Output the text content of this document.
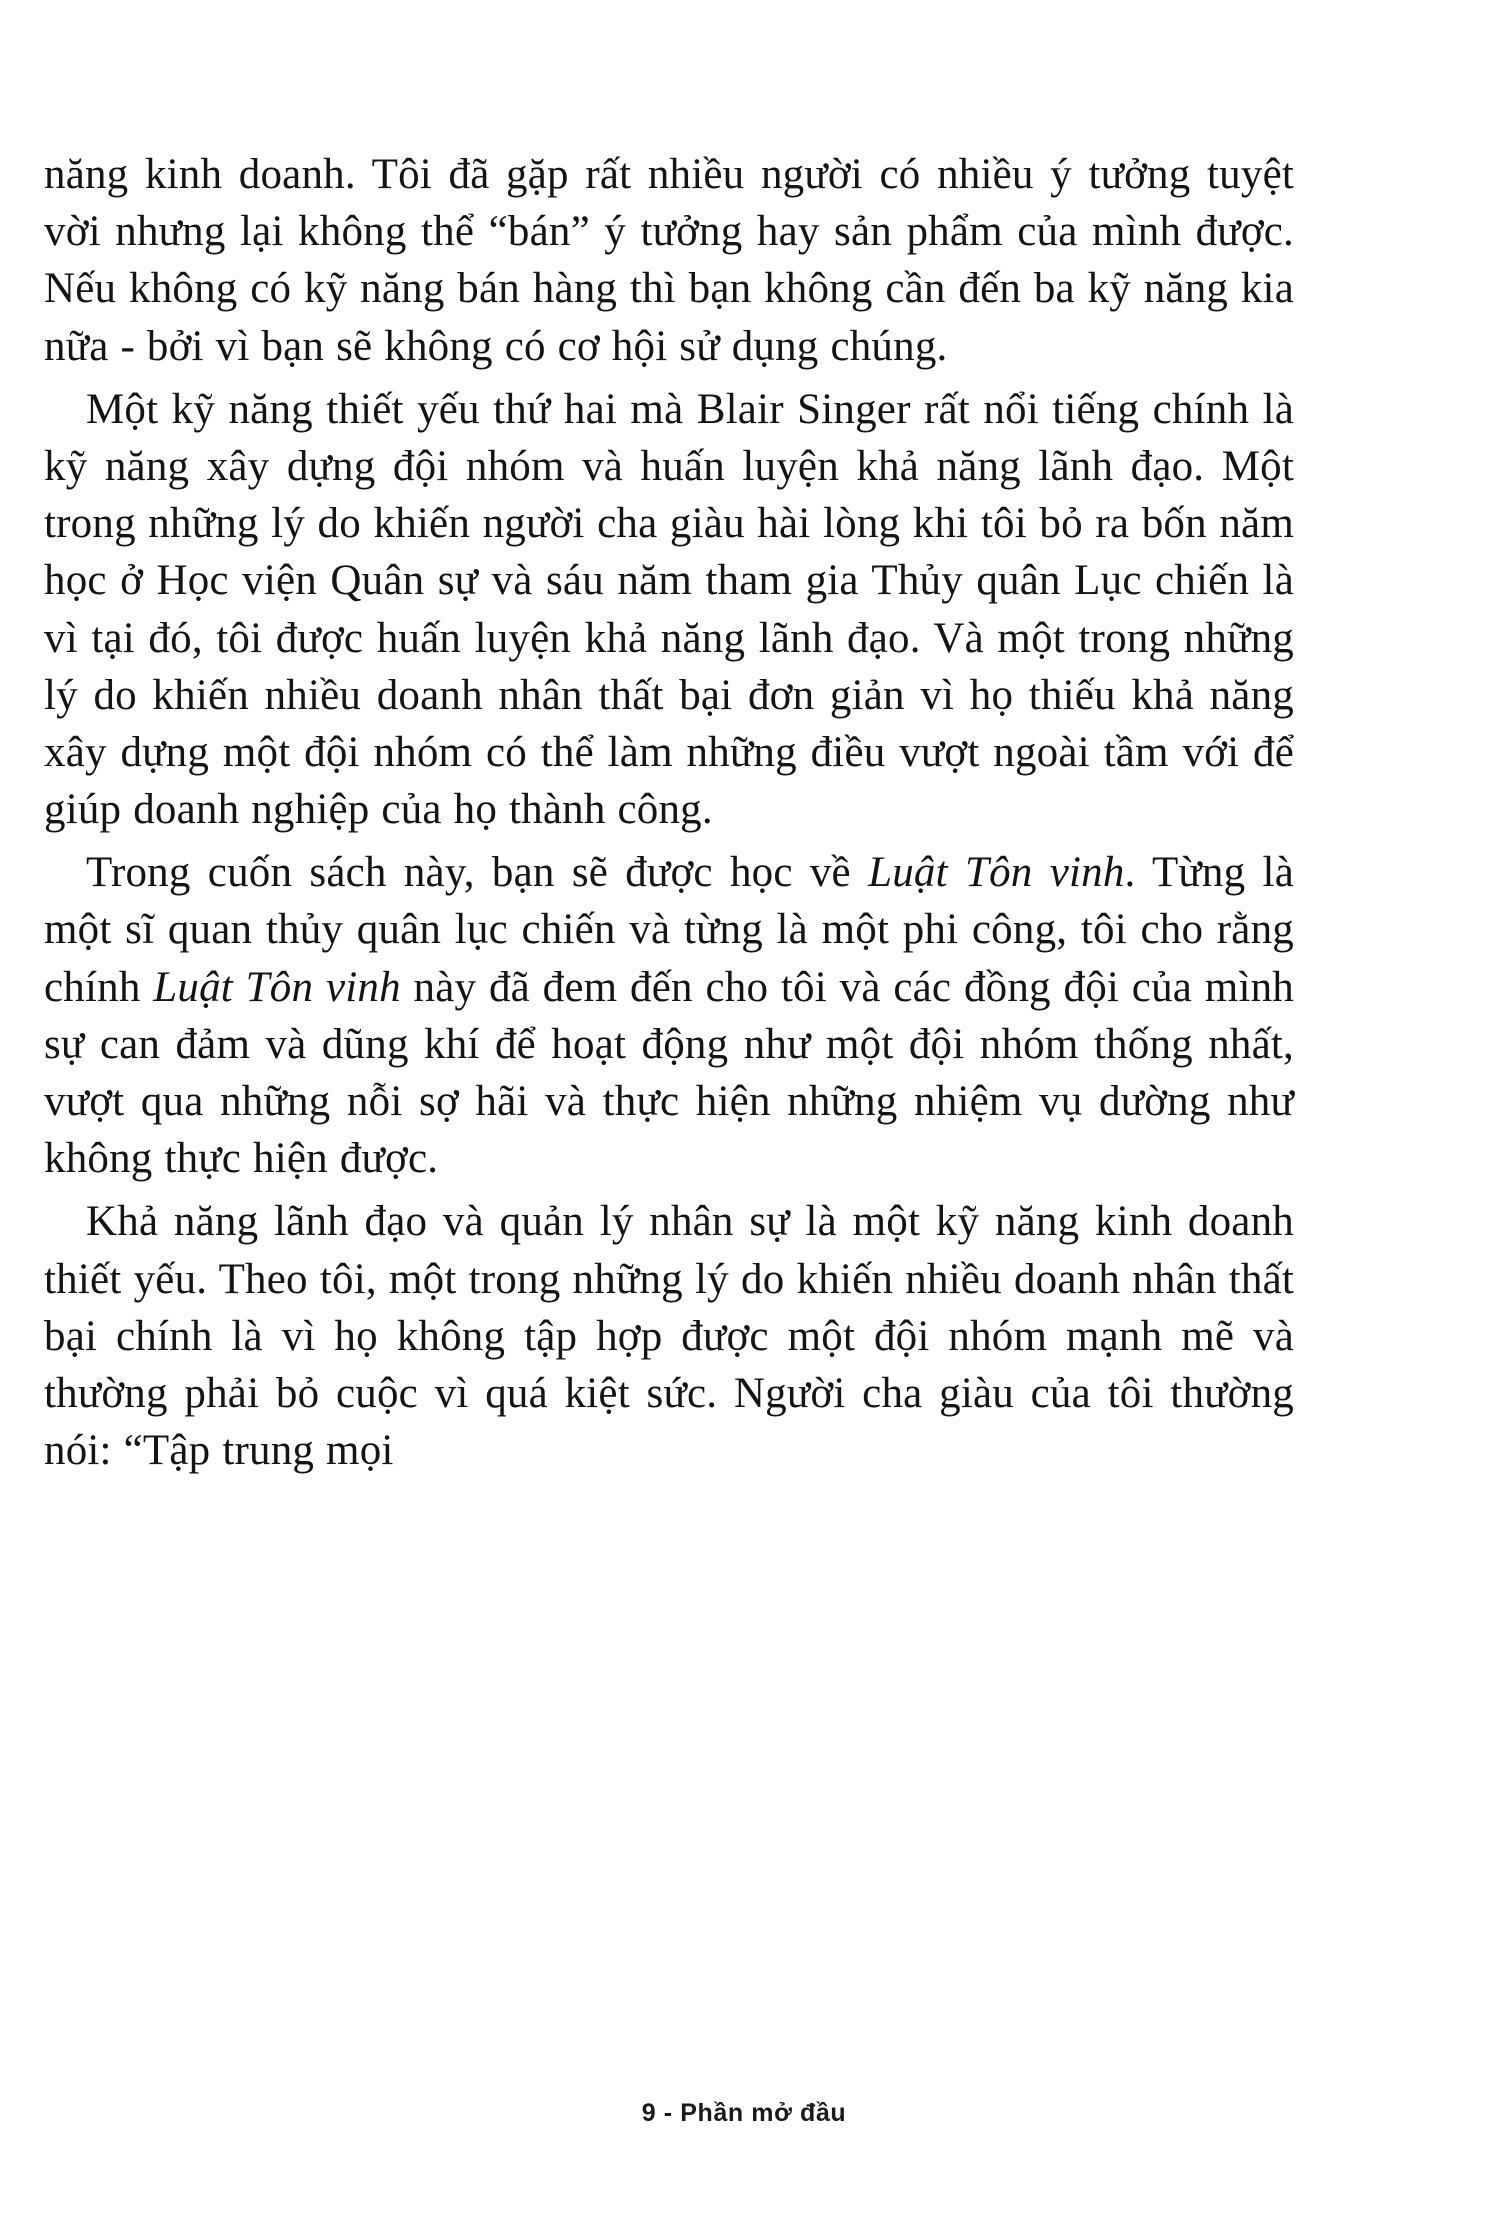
năng kinh doanh. Tôi đã gặp rất nhiều người có nhiều ý tưởng tuyệt vời nhưng lại không thể “bán” ý tưởng hay sản phẩm của mình được. Nếu không có kỹ năng bán hàng thì bạn không cần đến ba kỹ năng kia nữa - bởi vì bạn sẽ không có cơ hội sử dụng chúng.

Một kỹ năng thiết yếu thứ hai mà Blair Singer rất nổi tiếng chính là kỹ năng xây dựng đội nhóm và huấn luyện khả năng lãnh đạo. Một trong những lý do khiến người cha giàu hài lòng khi tôi bỏ ra bốn năm học ở Học viện Quân sự và sáu năm tham gia Thủy quân Lục chiến là vì tại đó, tôi được huấn luyện khả năng lãnh đạo. Và một trong những lý do khiến nhiều doanh nhân thất bại đơn giản vì họ thiếu khả năng xây dựng một đội nhóm có thể làm những điều vượt ngoài tầm với để giúp doanh nghiệp của họ thành công.

Trong cuốn sách này, bạn sẽ được học về Luật Tôn vinh. Từng là một sĩ quan thủy quân lục chiến và từng là một phi công, tôi cho rằng chính Luật Tôn vinh này đã đem đến cho tôi và các đồng đội của mình sự can đảm và dũng khí để hoạt động như một đội nhóm thống nhất, vượt qua những nỗi sợ hãi và thực hiện những nhiệm vụ dường như không thực hiện được.

Khả năng lãnh đạo và quản lý nhân sự là một kỹ năng kinh doanh thiết yếu. Theo tôi, một trong những lý do khiến nhiều doanh nhân thất bại chính là vì họ không tập hợp được một đội nhóm mạnh mẽ và thường phải bỏ cuộc vì quá kiệt sức. Người cha giàu của tôi thường nói: “Tập trung mọi

9 - Phần mở đầu
